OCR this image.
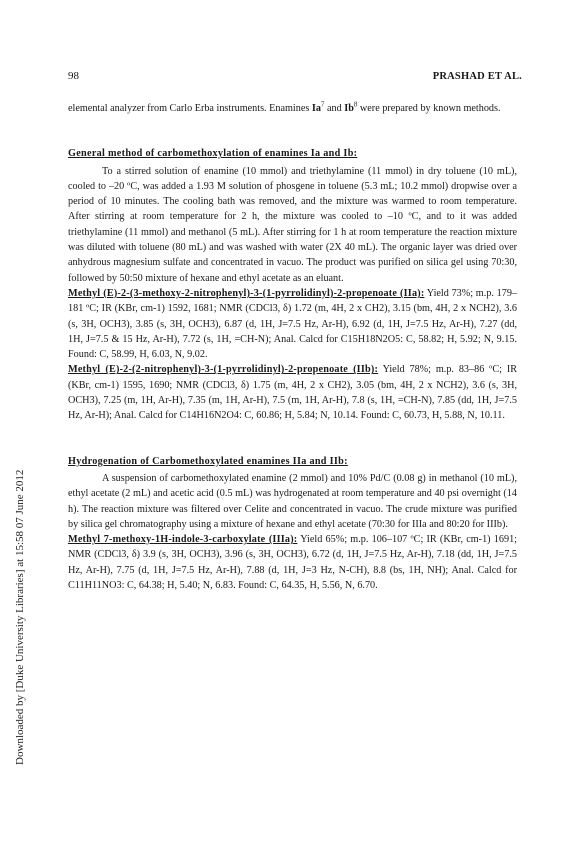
98	PRASHAD ET AL.
Downloaded by [Duke University Libraries] at 15:58 07 June 2012

elemental analyzer from Carlo Erba instruments. Enamines Ia$^7$ and Ib$^8$ were prepared by known methods.

General method of carbomethoxylation of enamines Ia and Ib:

To a stirred solution of enamine (10 mmol) and triethylamine (11 mmol) in dry toluene (10 mL), cooled to –20 ºC, was added a 1.93 M solution of phosgene in toluene (5.3 mL; 10.2 mmol) dropwise over a period of 10 minutes. The cooling bath was removed, and the mixture was warmed to room temperature. After stirring at room temperature for 2 h, the mixture was cooled to –10 ºC, and to it was added triethylamine (11 mmol) and methanol (5 mL). After stirring for 1 h at room temperature the reaction mixture was diluted with toluene (80 mL) and was washed with water (2X 40 mL). The organic layer was dried over anhydrous magnesium sulfate and concentrated in vacuo. The product was purified on silica gel using 70:30, followed by 50:50 mixture of hexane and ethyl acetate as an eluant.

Methyl (E)-2-(3-methoxy-2-nitrophenyl)-3-(1-pyrrolidinyl)-2-propenoate (IIa): Yield 73%; m.p. 179–181 ºC; IR (KBr, cm-1) 1592, 1681; NMR (CDCl3, δ) 1.72 (m, 4H, 2 x CH2), 3.15 (bm, 4H, 2 x NCH2), 3.6 (s, 3H, OCH3), 3.85 (s, 3H, OCH3), 6.87 (d, 1H, J=7.5 Hz, Ar-H), 6.92 (d, 1H, J=7.5 Hz, Ar-H), 7.27 (dd, 1H, J=7.5 & 15 Hz, Ar-H), 7.72 (s, 1H, =CH-N); Anal. Calcd for C15H18N2O5: C, 58.82; H, 5.92; N, 9.15. Found: C, 58.99, H, 6.03, N, 9.02.

Methyl (E)-2-(2-nitrophenyl)-3-(1-pyrrolidinyl)-2-propenoate (IIb): Yield 78%; m.p. 83–86 ºC; IR (KBr, cm-1) 1595, 1690; NMR (CDCl3, δ) 1.75 (m, 4H, 2 x CH2), 3.05 (bm, 4H, 2 x NCH2), 3.6 (s, 3H, OCH3), 7.25 (m, 1H, Ar-H), 7.35 (m, 1H, Ar-H), 7.5 (m, 1H, Ar-H), 7.8 (s, 1H, =CH-N), 7.85 (dd, 1H, J=7.5 Hz, Ar-H); Anal. Calcd for C14H16N2O4: C, 60.86; H, 5.84; N, 10.14. Found: C, 60.73, H, 5.88, N, 10.11.

Hydrogenation of Carbomethoxylated enamines IIa and IIb:

A suspension of carbomethoxylated enamine (2 mmol) and 10% Pd/C (0.08 g) in methanol (10 mL), ethyl acetate (2 mL) and acetic acid (0.5 mL) was hydrogenated at room temperature and 40 psi overnight (14 h). The reaction mixture was filtered over Celite and concentrated in vacuo. The crude mixture was purified by silica gel chromatography using a mixture of hexane and ethyl acetate (70:30 for IIIa and 80:20 for IIIb).

Methyl 7-methoxy-1H-indole-3-carboxylate (IIIa): Yield 65%; m.p. 106–107 ºC; IR (KBr, cm-1) 1691; NMR (CDCl3, δ) 3.9 (s, 3H, OCH3), 3.96 (s, 3H, OCH3), 6.72 (d, 1H, J=7.5 Hz, Ar-H), 7.18 (dd, 1H, J=7.5 Hz, Ar-H), 7.75 (d, 1H, J=7.5 Hz, Ar-H), 7.88 (d, 1H, J=3 Hz, N-CH), 8.8 (bs, 1H, NH); Anal. Calcd for C11H11NO3: C, 64.38; H, 5.40; N, 6.83. Found: C, 64.35, H, 5.56, N, 6.70.
